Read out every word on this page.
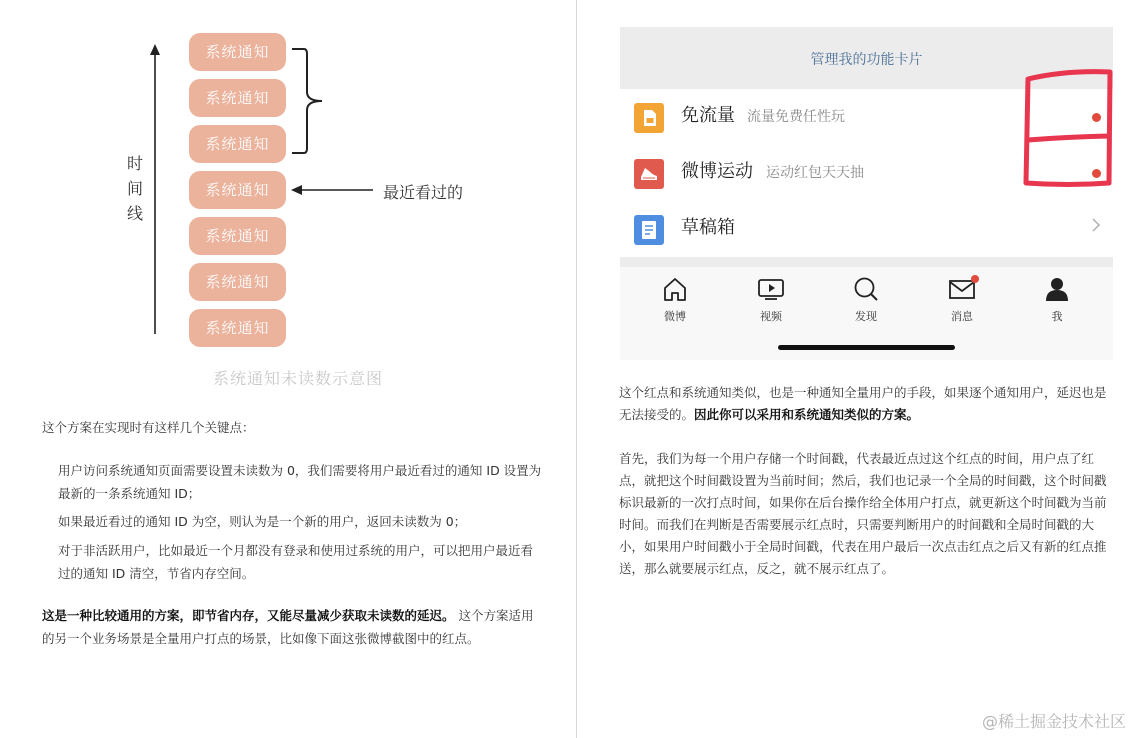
时间线
系统通知
系统通知
系统通知
系统通知
系统通知
系统通知
系统通知
最近看过的
系统通知未读数示意图
这个方案在实现时有这样几个关键点：
用户访问系统通知页面需要设置未读数为 0，我们需要将用户最近看过的通知 ID 设置为最新的一条系统通知 ID；
如果最近看过的通知 ID 为空，则认为是一个新的用户，返回未读数为 0；
对于非活跃用户，比如最近一个月都没有登录和使用过系统的用户，可以把用户最近看过的通知 ID 清空，节省内存空间。
这是一种比较通用的方案，即节省内存，又能尽量减少获取未读数的延迟。 这个方案适用的另一个业务场景是全量用户打点的场景，比如像下面这张微博截图中的红点。
管理我的功能卡片
免流量 流量免费任性玩
微博运动 运动红包天天抽
草稿箱
微博	视频	发现	消息	我
这个红点和系统通知类似，也是一种通知全量用户的手段，如果逐个通知用户，延迟也是无法接受的。因此你可以采用和系统通知类似的方案。
首先，我们为每一个用户存储一个时间戳，代表最近点过这个红点的时间，用户点了红点，就把这个时间戳设置为当前时间；然后，我们也记录一个全局的时间戳，这个时间戳标识最新的一次打点时间，如果你在后台操作给全体用户打点，就更新这个时间戳为当前时间。而我们在判断是否需要展示红点时，只需要判断用户的时间戳和全局时间戳的大小，如果用户时间戳小于全局时间戳，代表在用户最后一次点击红点之后又有新的红点推送，那么就要展示红点，反之，就不展示红点了。
@稀土掘金技术社区
